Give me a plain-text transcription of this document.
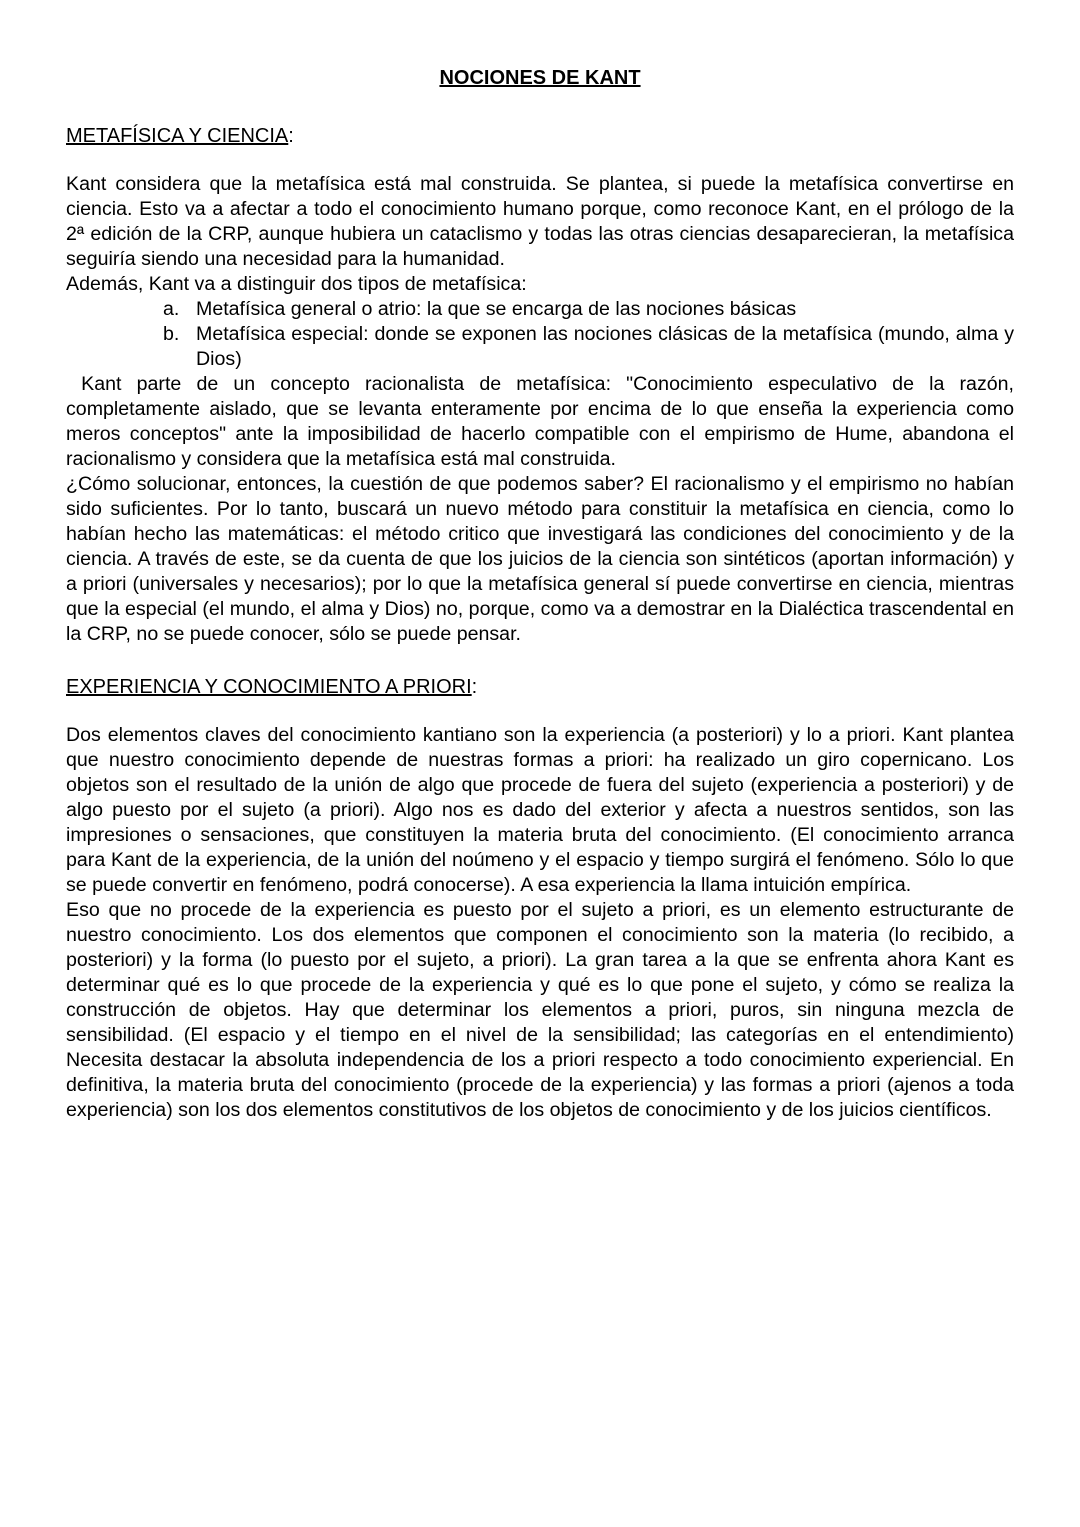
NOCIONES DE KANT
METAFÍSICA Y CIENCIA:

Kant considera que la metafísica está mal construida. Se plantea, si puede la metafísica convertirse en ciencia. Esto va a afectar a todo el conocimiento humano porque, como reconoce Kant, en el prólogo de la 2ª edición de la CRP, aunque hubiera un cataclismo y todas las otras ciencias desaparecieran, la metafísica seguiría siendo una necesidad para la humanidad.

Además, Kant va a distinguir dos tipos de metafísica:

a. Metafísica general o atrio: la que se encarga de las nociones básicas
b. Metafísica especial: donde se exponen las nociones clásicas de la metafísica (mundo, alma y Dios)

Kant parte de un concepto racionalista de metafísica: "Conocimiento especulativo de la razón, completamente aislado, que se levanta enteramente por encima de lo que enseña la experiencia como meros conceptos" ante la imposibilidad de hacerlo compatible con el empirismo de Hume, abandona el racionalismo y considera que la metafísica está mal construida.

¿Cómo solucionar, entonces, la cuestión de que podemos saber? El racionalismo y el empirismo no habían sido suficientes. Por lo tanto, buscará un nuevo método para constituir la metafísica en ciencia, como lo habían hecho las matemáticas: el método critico que investigará las condiciones del conocimiento y de la ciencia. A través de este, se da cuenta de que los juicios de la ciencia son sintéticos (aportan información) y a priori (universales y necesarios); por lo que la metafísica general sí puede convertirse en ciencia, mientras que la especial (el mundo, el alma y Dios) no, porque, como va a demostrar en la Dialéctica trascendental en la CRP, no se puede conocer, sólo se puede pensar.

EXPERIENCIA Y CONOCIMIENTO A PRIORI:

Dos elementos claves del conocimiento kantiano son la experiencia (a posteriori) y lo a priori. Kant plantea que nuestro conocimiento depende de nuestras formas a priori: ha realizado un giro copernicano. Los objetos son el resultado de la unión de algo que procede de fuera del sujeto (experiencia a posteriori) y de algo puesto por el sujeto (a priori). Algo nos es dado del exterior y afecta a nuestros sentidos, son las impresiones o sensaciones, que constituyen la materia bruta del conocimiento. (El conocimiento arranca para Kant de la experiencia, de la unión del noúmeno y el espacio y tiempo surgirá el fenómeno. Sólo lo que se puede convertir en fenómeno, podrá conocerse). A esa experiencia la llama intuición empírica.

Eso que no procede de la experiencia es puesto por el sujeto a priori, es un elemento estructurante de nuestro conocimiento. Los dos elementos que componen el conocimiento son la materia (lo recibido, a posteriori) y la forma (lo puesto por el sujeto, a priori). La gran tarea a la que se enfrenta ahora Kant es determinar qué es lo que procede de la experiencia y qué es lo que pone el sujeto, y cómo se realiza la construcción de objetos. Hay que determinar los elementos a priori, puros, sin ninguna mezcla de sensibilidad. (El espacio y el tiempo en el nivel de la sensibilidad; las categorías en el entendimiento) Necesita destacar la absoluta independencia de los a priori respecto a todo conocimiento experiencial. En definitiva, la materia bruta del conocimiento (procede de la experiencia) y las formas a priori (ajenos a toda experiencia) son los dos elementos constitutivos de los objetos de conocimiento y de los juicios científicos.
